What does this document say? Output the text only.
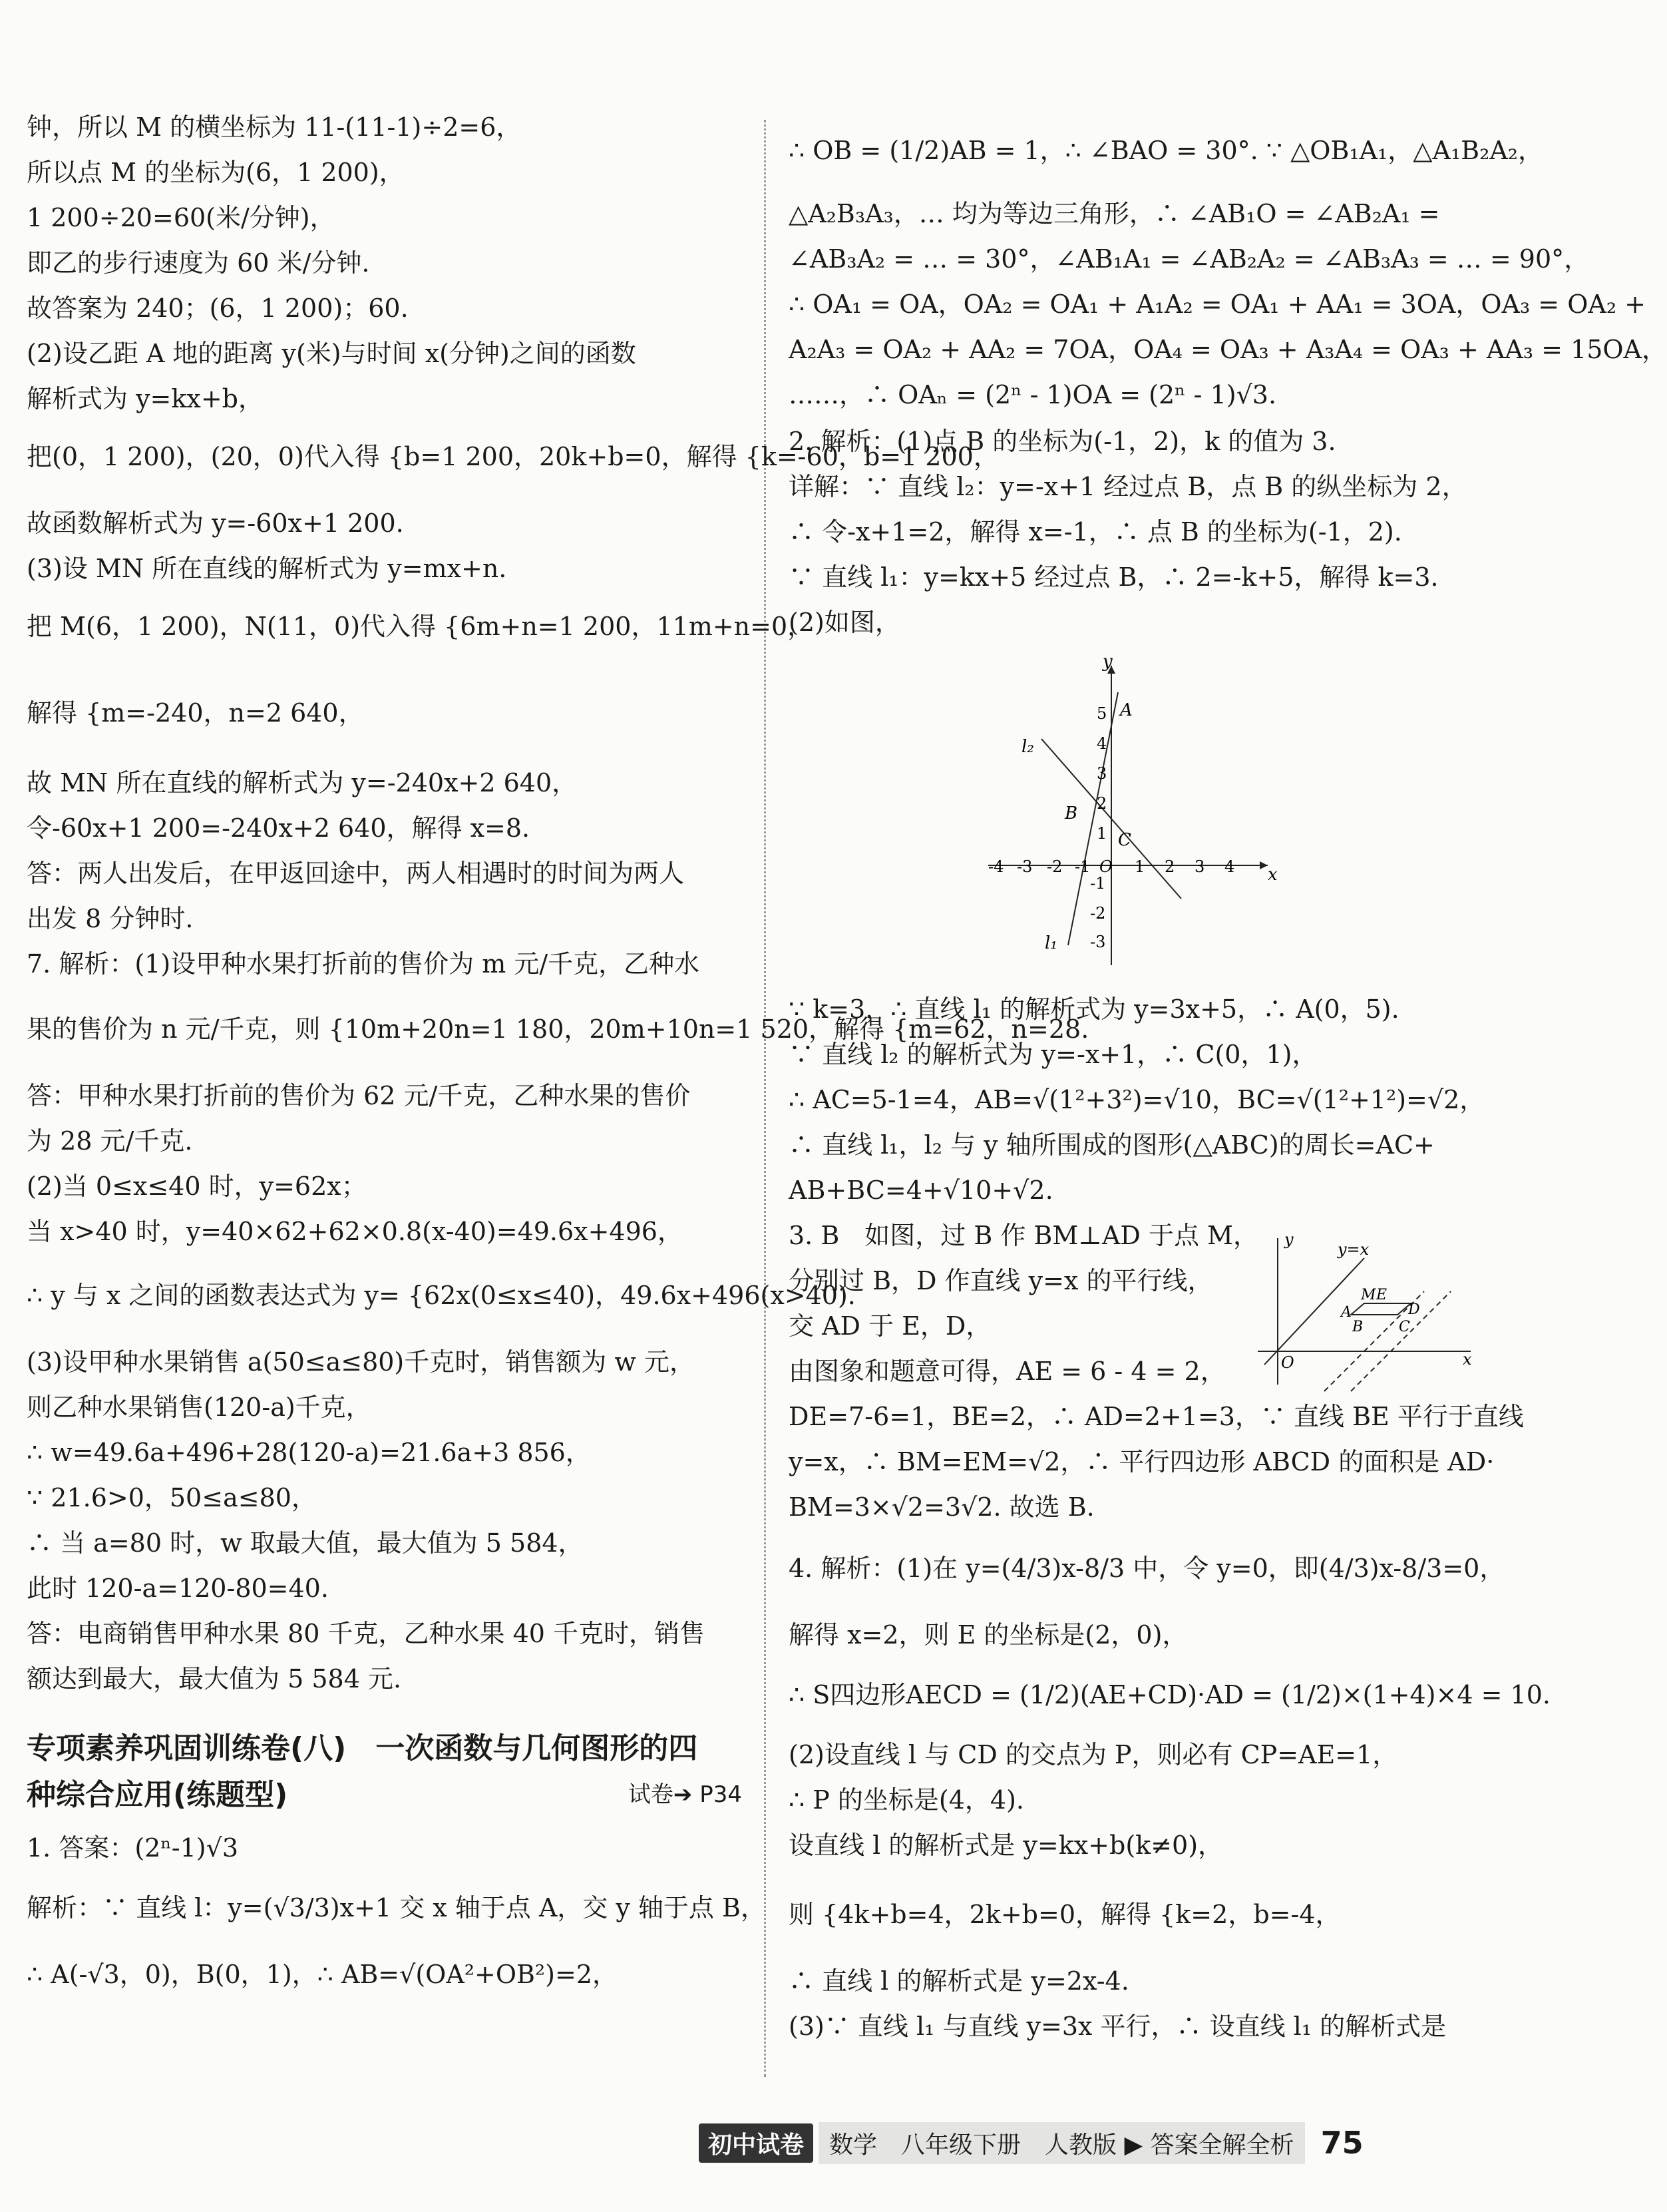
钟，所以 M 的横坐标为 11-(11-1)÷2=6，
所以点 M 的坐标为(6，1 200)，
1 200÷20=60(米/分钟)，
即乙的步行速度为 60 米/分钟.
故答案为 240；(6，1 200)；60.
(2)设乙距 A 地的距离 y(米)与时间 x(分钟)之间的函数
解析式为 y=kx+b，
把(0，1 200)，(20，0)代入得 {b=1 200，20k+b=0，解得 {k=-60，b=1 200，
故函数解析式为 y=-60x+1 200.
(3)设 MN 所在直线的解析式为 y=mx+n.
把 M(6，1 200)，N(11，0)代入得 {6m+n=1 200，11m+n=0，
解得 {m=-240，n=2 640，
故 MN 所在直线的解析式为 y=-240x+2 640，
令-60x+1 200=-240x+2 640，解得 x=8.
答：两人出发后，在甲返回途中，两人相遇时的时间为两人
出发 8 分钟时.
7. 解析：(1)设甲种水果打折前的售价为 m 元/千克，乙种水
果的售价为 n 元/千克，则 {10m+20n=1 180，20m+10n=1 520，解得 {m=62，n=28.
答：甲种水果打折前的售价为 62 元/千克，乙种水果的售价
为 28 元/千克.
(2)当 0≤x≤40 时，y=62x；
当 x>40 时，y=40×62+62×0.8(x-40)=49.6x+496，
∴ y 与 x 之间的函数表达式为 y= {62x(0≤x≤40)，49.6x+496(x>40).
(3)设甲种水果销售 a(50≤a≤80)千克时，销售额为 w 元，
则乙种水果销售(120-a)千克，
∴ w=49.6a+496+28(120-a)=21.6a+3 856，
∵ 21.6>0，50≤a≤80，
∴ 当 a=80 时，w 取最大值，最大值为 5 584，
此时 120-a=120-80=40.
答：电商销售甲种水果 80 千克，乙种水果 40 千克时，销售
额达到最大，最大值为 5 584 元.
专项素养巩固训练卷(八)　一次函数与几何图形的四
种综合应用(练题型)	试卷➔ P34
1. 答案：(2ⁿ-1)√3
解析：∵ 直线 l：y=(√3/3)x+1 交 x 轴于点 A，交 y 轴于点 B，
∴ A(-√3，0)，B(0，1)，∴ AB=√(OA²+OB²)=2，
∴ OB = (1/2)AB = 1，∴ ∠BAO = 30°. ∵ △OB₁A₁，△A₁B₂A₂，
△A₂B₃A₃，… 均为等边三角形，∴ ∠AB₁O = ∠AB₂A₁ =
∠AB₃A₂ = … = 30°，∠AB₁A₁ = ∠AB₂A₂ = ∠AB₃A₃ = … = 90°，
∴ OA₁ = OA，OA₂ = OA₁ + A₁A₂ = OA₁ + AA₁ = 3OA，OA₃ = OA₂ +
A₂A₃ = OA₂ + AA₂ = 7OA，OA₄ = OA₃ + A₃A₄ = OA₃ + AA₃ = 15OA，
……，∴ OAₙ = (2ⁿ - 1)OA = (2ⁿ - 1)√3.
2. 解析：(1)点 B 的坐标为(-1，2)，k 的值为 3.
详解：∵ 直线 l₂：y=-x+1 经过点 B，点 B 的纵坐标为 2，
∴ 令-x+1=2，解得 x=-1，∴ 点 B 的坐标为(-1，2).
∵ 直线 l₁：y=kx+5 经过点 B，∴ 2=-k+5，解得 k=3.
(2)如图，
y
x
A
B
C
l₁
l₂
5
4
3
2
1
-1
-2
-3
-4 -3 -2 -1 O 1 2 3 4
∵ k=3，∴ 直线 l₁ 的解析式为 y=3x+5，∴ A(0，5).
∵ 直线 l₂ 的解析式为 y=-x+1，∴ C(0，1)，
∴ AC=5-1=4，AB=√(1²+3²)=√10，BC=√(1²+1²)=√2，
∴ 直线 l₁，l₂ 与 y 轴所围成的图形(△ABC)的周长=AC+
AB+BC=4+√10+√2.
3. B　如图，过 B 作 BM⊥AD 于点 M，
分别过 B，D 作直线 y=x 的平行线，
交 AD 于 E，D，
由图象和题意可得，AE = 6 - 4 = 2，
DE=7-6=1，BE=2，∴ AD=2+1=3，∵ 直线 BE 平行于直线
y=x，∴ BM=EM=√2，∴ 平行四边形 ABCD 的面积是 AD·
BM=3×√2=3√2. 故选 B.
y
x
O
y=x
M E
A	D
B C
4. 解析：(1)在 y=(4/3)x-8/3 中，令 y=0，即(4/3)x-8/3=0，
解得 x=2，则 E 的坐标是(2，0)，
∴ S四边形AECD = (1/2)(AE+CD)·AD = (1/2)×(1+4)×4 = 10.
(2)设直线 l 与 CD 的交点为 P，则必有 CP=AE=1，
∴ P 的坐标是(4，4).
设直线 l 的解析式是 y=kx+b(k≠0)，
则 {4k+b=4，2k+b=0，解得 {k=2，b=-4，
∴ 直线 l 的解析式是 y=2x-4.
(3)∵ 直线 l₁ 与直线 y=3x 平行，∴ 设直线 l₁ 的解析式是
初中试卷	数学　八年级下册　人教版 ▶ 答案全解全析 75
